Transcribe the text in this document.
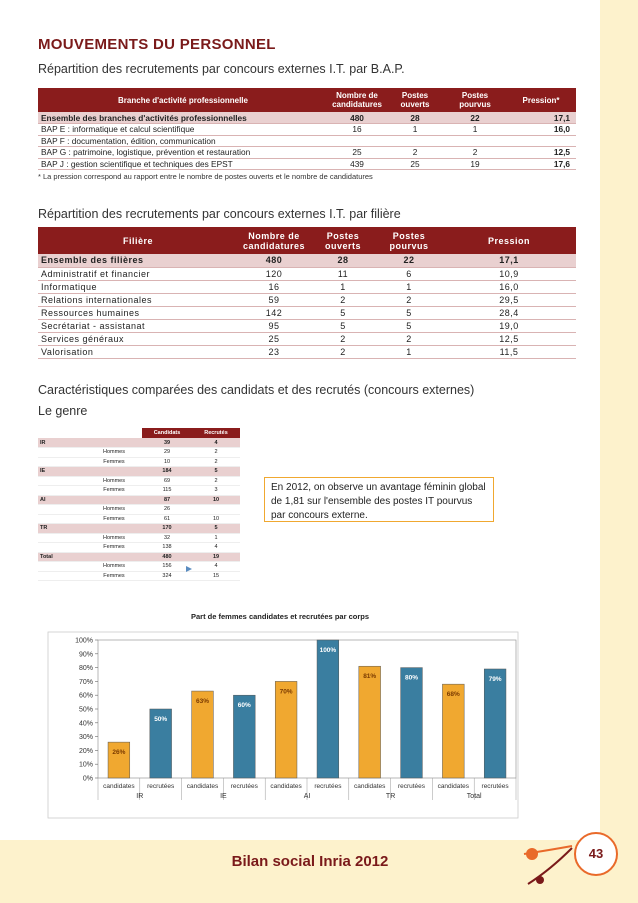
MOUVEMENTS DU PERSONNEL
Répartition des recrutements par concours externes I.T. par B.A.P.
Branche d'activité professionnelle	Nombre de candidatures	Postes ouverts	Postes pourvus	Pression*
Ensemble des branches d'activités professionnelles	480	28	22	17,1
BAP E : informatique et calcul scientifique	16	1	1	16,0
BAP F : documentation, édition, communication				
BAP G : patrimoine, logistique, prévention et restauration	25	2	2	12,5
BAP J : gestion scientifique et techniques des EPST	439	25	19	17,6
* La pression correspond au rapport entre le nombre de postes ouverts et le nombre de candidatures
Répartition des recrutements par concours externes I.T. par filière
Filière	Nombre de candidatures	Postes ouverts	Postes pourvus	Pression
Ensemble des filières	480	28	22	17,1
Administratif et financier	120	11	6	10,9
Informatique	16	1	1	16,0
Relations internationales	59	2	2	29,5
Ressources humaines	142	5	5	28,4
Secrétariat - assistanat	95	5	5	19,0
Services généraux	25	2	2	12,5
Valorisation	23	2	1	11,5
Caractéristiques comparées des candidats et des recrutés (concours externes)
Le genre
		Candidats	Recrutés
IR		39	4
	Hommes	29	2
	Femmes	10	2
IE		184	5
	Hommes	69	2
	Femmes	115	3
AI		87	10
	Hommes	26	
	Femmes	61	10
TR		170	5
	Hommes	32	1
	Femmes	138	4
Total		480	19
	Hommes	156	4
	Femmes	324	15
En 2012, on observe un avantage féminin global de 1,81 sur l'ensemble des postes IT pourvus par concours externe.
Part de femmes candidates et recrutées par corps
0%
10%
20%
30%
40%
50%
60%
70%
80%
90%
100%
26%
candidates
50%
recrutées
63%
candidates
60%
recrutées
70%
candidates
100%
recrutées
81%
candidates
80%
recrutées
68%
candidates
79%
recrutées
IR	IE	AI	TR	Total
43
Bilan social Inria 2012
